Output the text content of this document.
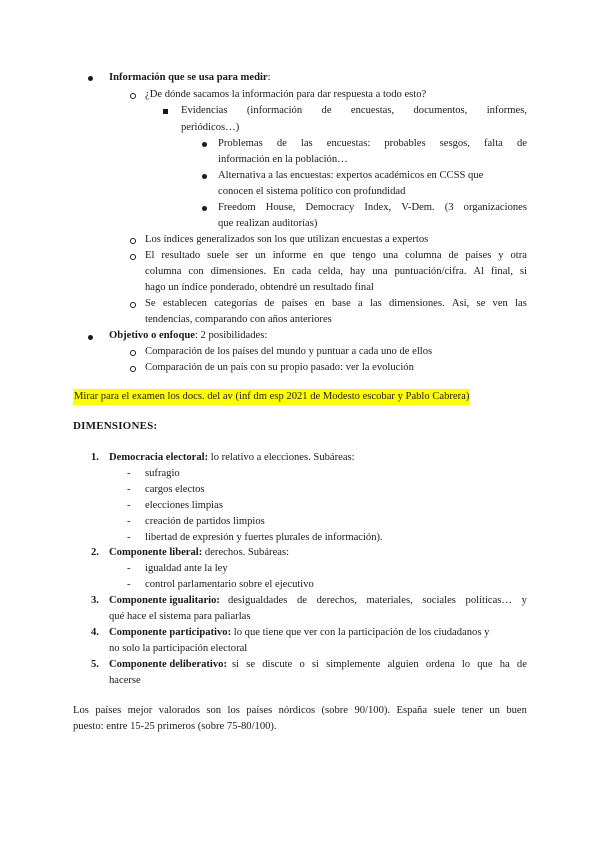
Información que se usa para medir:
¿De dónde sacamos la información para dar respuesta a todo esto?
Evidencias (información de encuestas, documentos, informes,
periódicos…)
Problemas de las encuestas: probables sesgos, falta de
información en la población…
Alternativa a las encuestas: expertos académicos en CCSS que
conocen el sistema político con profundidad
Freedom House, Democracy Index, V-Dem. (3 organizaciones
que realizan auditorías)
Los índices generalizados son los que utilizan encuestas a expertos
El resultado suele ser un informe en que tengo una columna de países y otra
columna con dimensiones. En cada celda, hay una puntuación/cifra. Al final, si
hago un índice ponderado, obtendré un resultado final
Se establecen categorías de países en base a las dimensiones. Así, se ven las
tendencias, comparando con años anteriores
Objetivo o enfoque: 2 posibilidades:
Comparación de los países del mundo y puntuar a cada uno de ellos
Comparación de un país con su propio pasado: ver la evolución
Mirar para el examen los docs. del av (inf dm esp 2021 de Modesto escobar y Pablo Cabrera)
DIMENSIONES:
1. Democracia electoral: lo relativo a elecciones. Subáreas:
- sufragio
- cargos electos
- elecciones limpias
- creación de partidos limpios
- libertad de expresión y fuertes plurales de información).
2. Componente liberal: derechos. Subáreas:
- igualdad ante la ley
- control parlamentario sobre el ejecutivo
3. Componente igualitario: desigualdades de derechos, materiales, sociales políticas… y
qué hace el sistema para paliarlas
4. Componente participativo: lo que tiene que ver con la participación de los ciudadanos y
no solo la participación electoral
5. Componente deliberativo: si se discute o si simplemente alguien ordena lo que ha de
hacerse
Los países mejor valorados son los países nórdicos (sobre 90/100). España suele tener un buen
puesto: entre 15-25 primeros (sobre 75-80/100).
